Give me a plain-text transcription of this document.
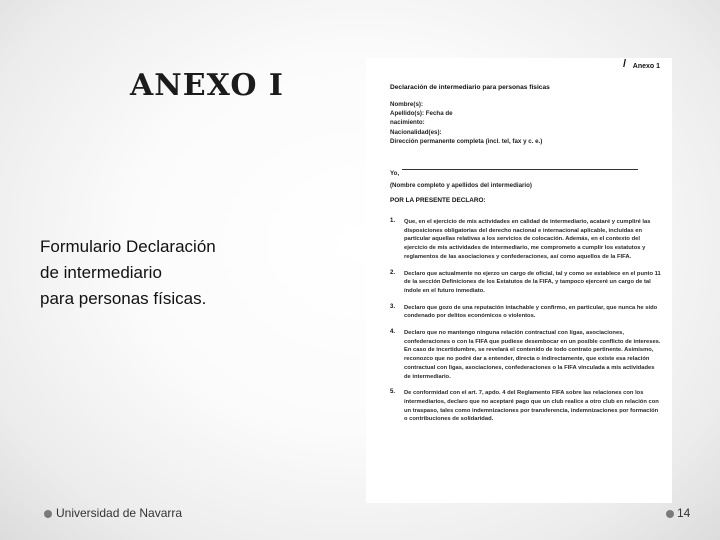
ANEXO I
Formulario Declaración
de intermediario
para personas físicas.
/ Anexo 1
Declaración de intermediario para personas físicas
Nombre(s):
Apellido(s): Fecha de
nacimiento:
Nacionalidad(es):
Dirección permanente completa (incl. tel, fax y c. e.)
Yo,
(Nombre completo y apellidos del intermediario)
POR LA PRESENTE DECLARO:
1. Que, en el ejercicio de mis actividades en calidad de intermediario, acataré y cumpliré las disposiciones obligatorias del derecho nacional e internacional aplicable, incluidas en particular aquellas relativas a los servicios de colocación. Además, en el contexto del ejercicio de mis actividades de intermediario, me comprometo a cumplir los estatutos y reglamentos de las asociaciones y confederaciones, así como aquellos de la FIFA.
2. Declaro que actualmente no ejerzo un cargo de oficial, tal y como se establece en el punto 11 de la sección Definiciones de los Estatutos de la FIFA, y tampoco ejerceré un cargo de tal índole en el futuro inmediato.
3. Declaro que gozo de una reputación intachable y confirmo, en particular, que nunca he sido condenado por delitos económicos o violentos.
4. Declaro que no mantengo ninguna relación contractual con ligas, asociaciones, confederaciones o con la FIFA que pudiese desembocar en un posible conflicto de intereses. En caso de incertidumbre, se revelará el contenido de todo contrato pertinente. Asimismo, reconozco que no podré dar a entender, directa o indirectamente, que existe esa relación contractual con ligas, asociaciones, confederaciones o la FIFA vinculada a mis actividades de intermediario.
5. De conformidad con el art. 7, apdo. 4 del Reglamento FIFA sobre las relaciones con los intermediarios, declaro que no aceptaré pago que un club realice a otro club en relación con un traspaso, tales como indemnizaciones por transferencia, indemnizaciones por formación o contribuciones de solidaridad.
Universidad de Navarra	14
